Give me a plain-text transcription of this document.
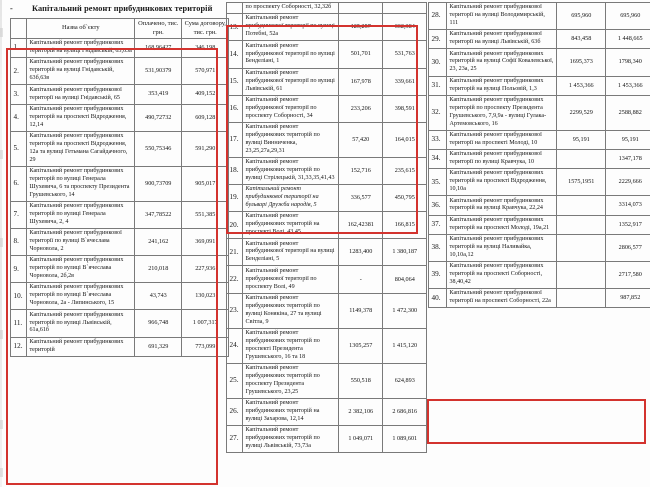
- Капітальний ремонт прибудинкових територій
	Назва об`єкту	Оплачено, тис. грн.	Сума договору, тис. грн.
1.	Капітальний ремонт прибудинкових територій на вулиці Гнідавській, 63,63а	168,96427	346,198
2.	Капітальний ремонт прибудинкових територій на вулиці Гнідавській, 63б,63в	531,90379	570,971
3.	Капітальний ремонт прибудинкової території на вулиці Гнідавській, 65	353,419	409,152
4.	Капітальний ремонт прибудинкових територій на проспекті Відродження, 12,14	490,72732	609,128
5.	Капітальний ремонт прибудинкових територій на проспекті Відродження, 12а та вулиці Гетьмана Сагайдачного, 29	550,75346	591,290
6.	Капітальний ремонт прибудинкових територій по вулиці Генерала Шухевича, 6 та проспекту Президента Грушевського, 14	900,73709	905,017
7.	Капітальний ремонт прибудинкових територій по вулиці Генерала Шухевича, 2, 4	347,78522	551,385
8.	Капітальний ремонт прибудинкової території по вулиці В`ячеслава Чорновола, 2	241,162	369,091
9.	Капітальний ремонт прибудинкових територій по вулиці В`ячеслава Чорновола, 2б,2в	210,018	227,936
10.	Капітальний ремонт прибудинкових територій по вулиці В`ячеслава Чорновола, 2а - Липинського, 15	43,743	130,023
11.	Капітальний ремонт прибудинкових територій по вулиці Львівській, 61а,61б	966,748	1 007,317
12.	Капітальний ремонт прибудинкових територій	691,329	773,099
	по проспекту Соборності, 32,32б		
13.	Капітальний ремонт прибудинкової території по вулиці Потебні, 52а	125,257	332,384
14.	Капітальний ремонт прибудинкової території по вулиці Бенделіані, 1	501,701	531,763
15.	Капітальний ремонт прибудинкової території по вулиці Львівській, 61	167,978	339,661
16.	Капітальний ремонт прибудинкової території по проспекту Соборності, 34	233,206	398,591
17.	Капітальний ремонт прибудинкових територій по вулиці Винниченка, 23,25,27а,29,31	57,420	164,015
18.	Капітальний ремонт прибудинкових територій по вулиці Стрілецькій, 31,33,35,41,43	152,716	235,615
19.	Капітальний ремонт прибудинкової території на бульварі Дружби народів, 5	336,577	450,795
20.	Капітальний ремонт прибудинкових територій на проспекті Волі, 43,45	162,42381	166,815
21.	Капітальний ремонт прибудинкової території на вулиці Бенделіані, 5	1283,400	1 380,187
22.	Капітальний ремонт прибудинкової території по проспекту Волі, 49	-	804,064
23.	Капітальний ремонт прибудинкових територій по вулиці Конякіна, 27 та вулиці Світла, 9	1149,378	1 472,300
24.	Капітальний ремонт прибудинкових територій по проспекті Президента Грушевського, 16 та 18	1305,257	1 415,120
25.	Капітальний ремонт прибудинкових територій по проспекту Президента Грушевського, 23,25	550,518	624,893
26.	Капітальний ремонт прибудинкових територій на вулиці Захарова, 12,14	2 382,106	2 686,816
27.	Капітальний ремонт прибудинкових територій по вулиці Львівській, 73,73а	1 049,071	1 089,601
28.	Капітальний ремонт прибудинкової території на вулиці Володимирській, 111	695,960	695,960
29.	Капітальний ремонт прибудинкової території на вулиці Львівській, 63б	843,458	1 448,665
30.	Капітальний ремонт прибудинкових територій на вулиці Софії Ковалевської, 23, 23а, 25	1695,373	1798,340
31.	Капітальний ремонт прибудинкових територій на вулиці Польовій, 1,3	1 453,366	1 453,366
32.	Капітальний ремонт прибудинкових територій по проспекту Президента Грушевського, 7,9,9а - вулиці Гулака-Артемовського, 16	2299,529	2588,882
33.	Капітальний ремонт прибудинкової території на проспекті Молоді, 10	95,191	95,191
34.	Капітальний ремонт прибудинкової території по вулиці Кравчука, 10		1347,178
35.	Капітальний ремонт прибудинкових територій на проспекті Відродження, 10,10а	1575,1951	2229,666
36.	Капітальний ремонт прибудинкових територій на вулиці Кравчука, 22,24		3314,073
37.	Капітальний ремонт прибудинкових територій на проспекті Молоді, 19а,21		1352,917
38.	Капітальний ремонт прибудинкових територій на вулиці Наливайка, 10,10а,12		2806,577
39.	Капітальний ремонт прибудинкових територій на проспекті Соборності, 38,40,42		2717,580
40.	Капітальний ремонт прибудинкової території на проспекті Соборності, 22а		987,852
